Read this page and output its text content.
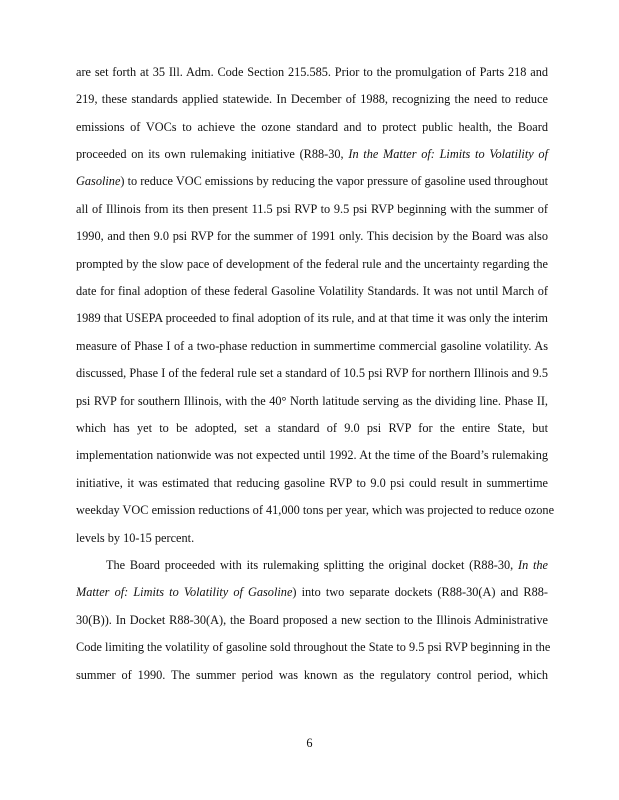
are set forth at 35 Ill. Adm. Code Section 215.585. Prior to the promulgation of Parts 218 and
219, these standards applied statewide. In December of 1988, recognizing the need to reduce
emissions of VOCs to achieve the ozone standard and to protect public health, the Board
proceeded on its own rulemaking initiative (R88-30, In the Matter of: Limits to Volatility of
Gasoline) to reduce VOC emissions by reducing the vapor pressure of gasoline used throughout
all of Illinois from its then present 11.5 psi RVP to 9.5 psi RVP beginning with the summer of
1990, and then 9.0 psi RVP for the summer of 1991 only. This decision by the Board was also
prompted by the slow pace of development of the federal rule and the uncertainty regarding the
date for final adoption of these federal Gasoline Volatility Standards. It was not until March of
1989 that USEPA proceeded to final adoption of its rule, and at that time it was only the interim
measure of Phase I of a two-phase reduction in summertime commercial gasoline volatility. As
discussed, Phase I of the federal rule set a standard of 10.5 psi RVP for northern Illinois and 9.5
psi RVP for southern Illinois, with the 40° North latitude serving as the dividing line. Phase II,
which has yet to be adopted, set a standard of 9.0 psi RVP for the entire State, but
implementation nationwide was not expected until 1992. At the time of the Board’s rulemaking
initiative, it was estimated that reducing gasoline RVP to 9.0 psi could result in summertime
weekday VOC emission reductions of 41,000 tons per year, which was projected to reduce ozone
levels by 10-15 percent.
The Board proceeded with its rulemaking splitting the original docket (R88-30, In the
Matter of: Limits to Volatility of Gasoline) into two separate dockets (R88-30(A) and R88-
30(B)). In Docket R88-30(A), the Board proposed a new section to the Illinois Administrative
Code limiting the volatility of gasoline sold throughout the State to 9.5 psi RVP beginning in the
summer of 1990. The summer period was known as the regulatory control period, which
6
